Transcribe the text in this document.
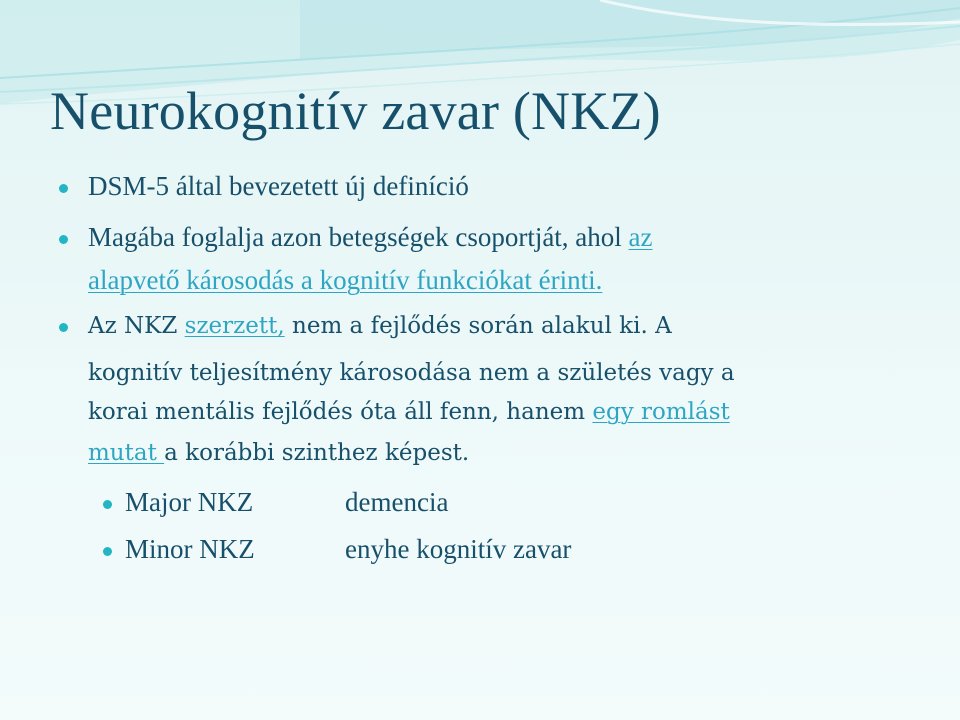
Neurokognitív zavar (NKZ)
DSM-5 által bevezetett új definíció
Magába foglalja azon betegségek csoportját, ahol az
alapvető károsodás a kognitív funkciókat érinti.
Az NKZ szerzett, nem a fejlődés során alakul ki. A
kognitív teljesítmény károsodása nem a születés vagy a
korai mentális fejlődés óta áll fenn, hanem egy romlást
mutat a korábbi szinthez képest.
Major NKZ	demencia
Minor NKZ	enyhe kognitív zavar
